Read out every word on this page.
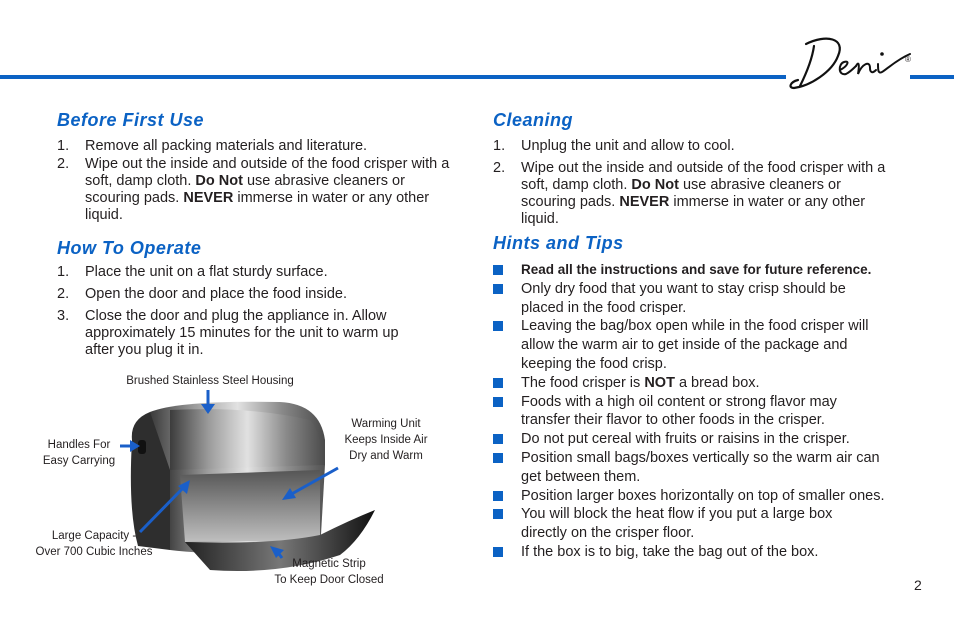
®
Before First Use
1. Remove all packing materials and literature.
2. Wipe out the inside and outside of the food crisper with a soft, damp cloth. Do Not use abrasive cleaners or scouring pads. NEVER immerse in water or any other liquid.
How To Operate
1. Place the unit on a flat sturdy surface.
2. Open the door and place the food inside.
3. Close the door and plug the appliance in. Allow approximately 15 minutes for the unit to warm up after you plug it in.
Brushed Stainless Steel Housing
Handles For
Easy Carrying
Warming Unit
Keeps Inside Air
Dry and Warm
Large Capacity -
Over 700 Cubic Inches
Magnetic Strip
To Keep Door Closed
Cleaning
1. Unplug the unit and allow to cool.
2. Wipe out the inside and outside of the food crisper with a soft, damp cloth. Do Not use abrasive cleaners or scouring pads. NEVER immerse in water or any other liquid.
Hints and Tips
Read all the instructions and save for future reference.
Only dry food that you want to stay crisp should be placed in the food crisper.
Leaving the bag/box open while in the food crisper will allow the warm air to get inside of the package and keeping the food crisp.
The food crisper is NOT a bread box.
Foods with a high oil content or strong flavor may transfer their flavor to other foods in the crisper.
Do not put cereal with fruits or raisins in the crisper.
Position small bags/boxes vertically so the warm air can get between them.
Position larger boxes horizontally on top of smaller ones.
You will block the heat flow if you put a large box directly on the crisper floor.
If the box is to big, take the bag out of the box.
2
